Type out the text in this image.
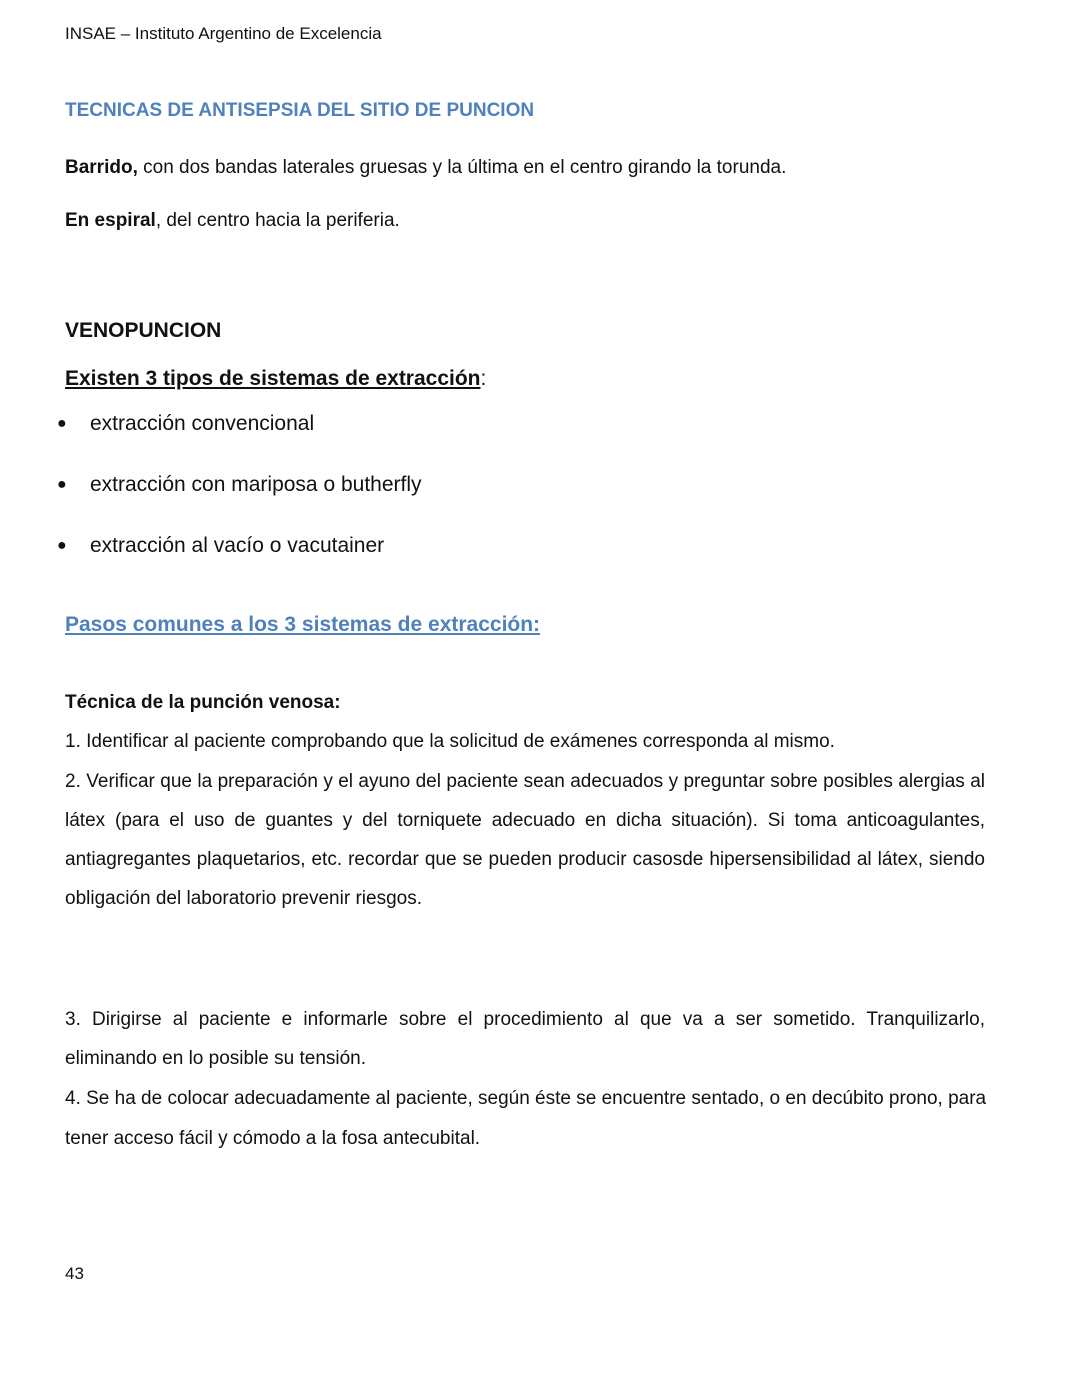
INSAE – Instituto Argentino de Excelencia
TECNICAS DE ANTISEPSIA DEL SITIO DE PUNCION
Barrido, con dos bandas laterales gruesas y la última en el centro girando la torunda.
En espiral, del centro hacia la periferia.
VENOPUNCION
Existen 3 tipos de sistemas de extracción:
● extracción convencional
● extracción con mariposa o butherfly
● extracción al vacío o vacutainer
Pasos comunes a los 3 sistemas de extracción:
Técnica de la punción venosa:
1. Identificar al paciente comprobando que la solicitud de exámenes corresponda al mismo.
2. Verificar que la preparación y el ayuno del paciente sean adecuados y preguntar sobre posibles alergias al
látex (para el uso de guantes y del torniquete adecuado en dicha situación). Si toma anticoagulantes,
antiagregantes plaquetarios, etc. recordar que se pueden producir casosde hipersensibilidad al látex, siendo
obligación del laboratorio prevenir riesgos.
3. Dirigirse al paciente e informarle sobre el procedimiento al que va a ser sometido. Tranquilizarlo,
eliminando en lo posible su tensión.
4. Se ha de colocar adecuadamente al paciente, según éste se encuentre sentado, o en decúbito prono, para
tener acceso fácil y cómodo a la fosa antecubital.
43
